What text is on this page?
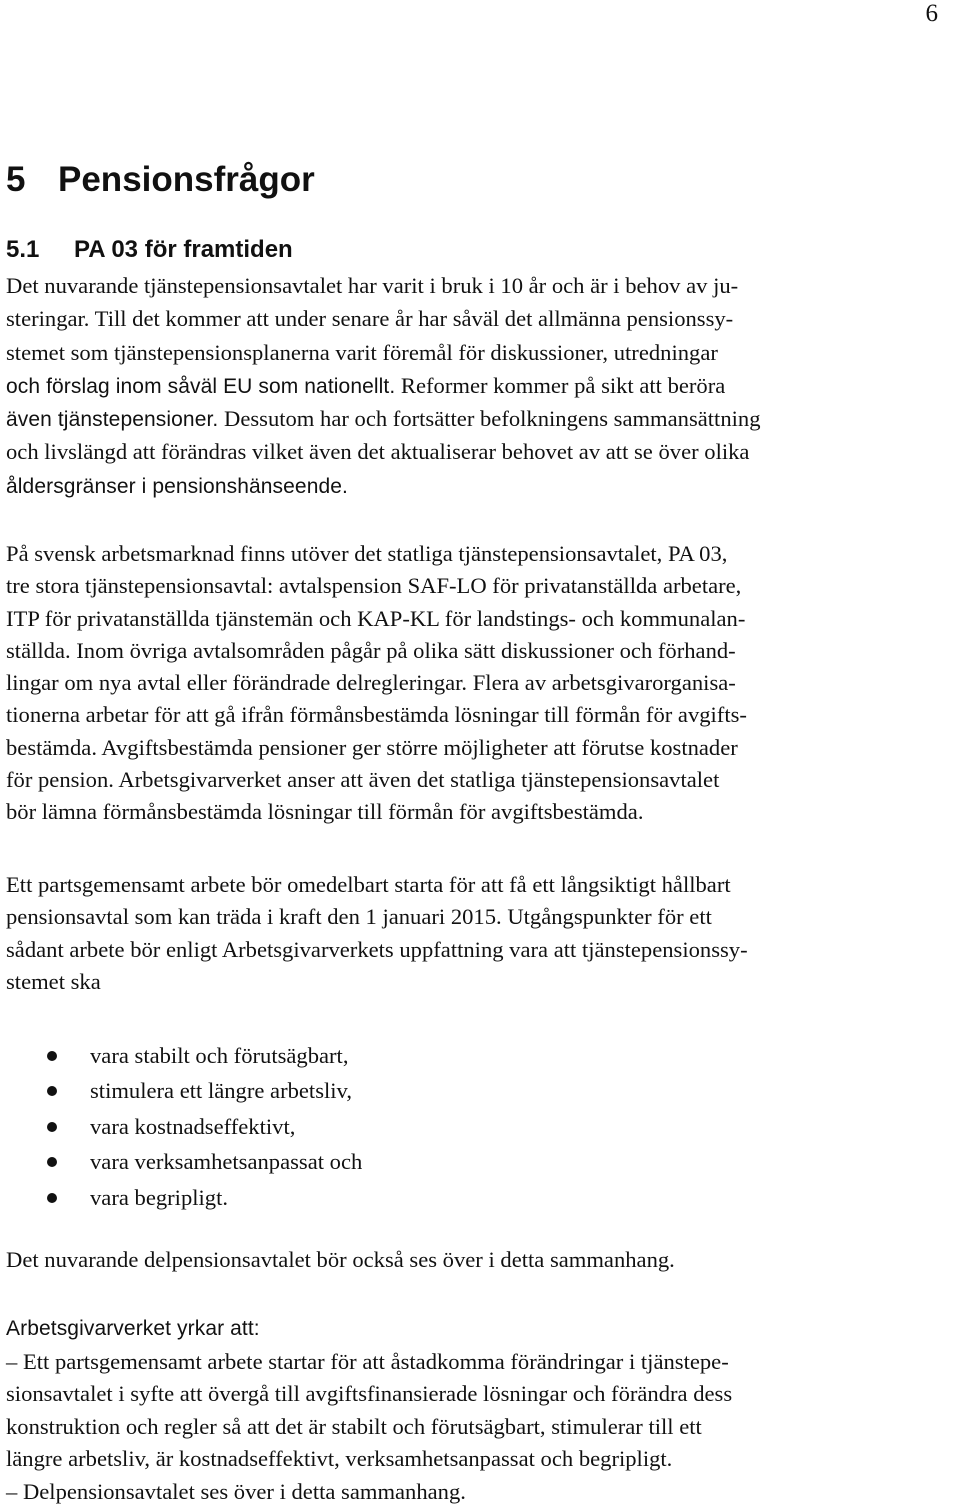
6
5 Pensionsfrågor
5.1 PA 03 för framtiden
Det nuvarande tjänstepensionsavtalet har varit i bruk i 10 år och är i behov av ju-
steringar. Till det kommer att under senare år har såväl det allmänna pensionssy-
stemet som tjänstepensionsplanerna varit föremål för diskussioner, utredningar
och förslag inom såväl EU som nationellt. Reformer kommer på sikt att beröra
även tjänstepensioner. Dessutom har och fortsätter befolkningens sammansättning
och livslängd att förändras vilket även det aktualiserar behovet av att se över olika
åldersgränser i pensionshänseende.
På svensk arbetsmarknad finns utöver det statliga tjänstepensionsavtalet, PA 03,
tre stora tjänstepensionsavtal: avtalspension SAF-LO för privatanställda arbetare,
ITP för privatanställda tjänstemän och KAP-KL för landstings- och kommunalan-
ställda. Inom övriga avtalsområden pågår på olika sätt diskussioner och förhand-
lingar om nya avtal eller förändrade delregleringar. Flera av arbetsgivarorganisa-
tionerna arbetar för att gå ifrån förmånsbestämda lösningar till förmån för avgifts-
bestämda. Avgiftsbestämda pensioner ger större möjligheter att förutse kostnader
för pension. Arbetsgivarverket anser att även det statliga tjänstepensionsavtalet
bör lämna förmånsbestämda lösningar till förmån för avgiftsbestämda.
Ett partsgemensamt arbete bör omedelbart starta för att få ett långsiktigt hållbart
pensionsavtal som kan träda i kraft den 1 januari 2015. Utgångspunkter för ett
sådant arbete bör enligt Arbetsgivarverkets uppfattning vara att tjänstepensionssy-
stemet ska
vara stabilt och förutsägbart,
stimulera ett längre arbetsliv,
vara kostnadseffektivt,
vara verksamhetsanpassat och
vara begripligt.
Det nuvarande delpensionsavtalet bör också ses över i detta sammanhang.
Arbetsgivarverket yrkar att:
– Ett partsgemensamt arbete startar för att åstadkomma förändringar i tjänstepe-
sionsavtalet i syfte att övergå till avgiftsfinansierade lösningar och förändra dess
konstruktion och regler så att det är stabilt och förutsägbart, stimulerar till ett
längre arbetsliv, är kostnadseffektivt, verksamhetsanpassat och begripligt.
– Delpensionsavtalet ses över i detta sammanhang.
